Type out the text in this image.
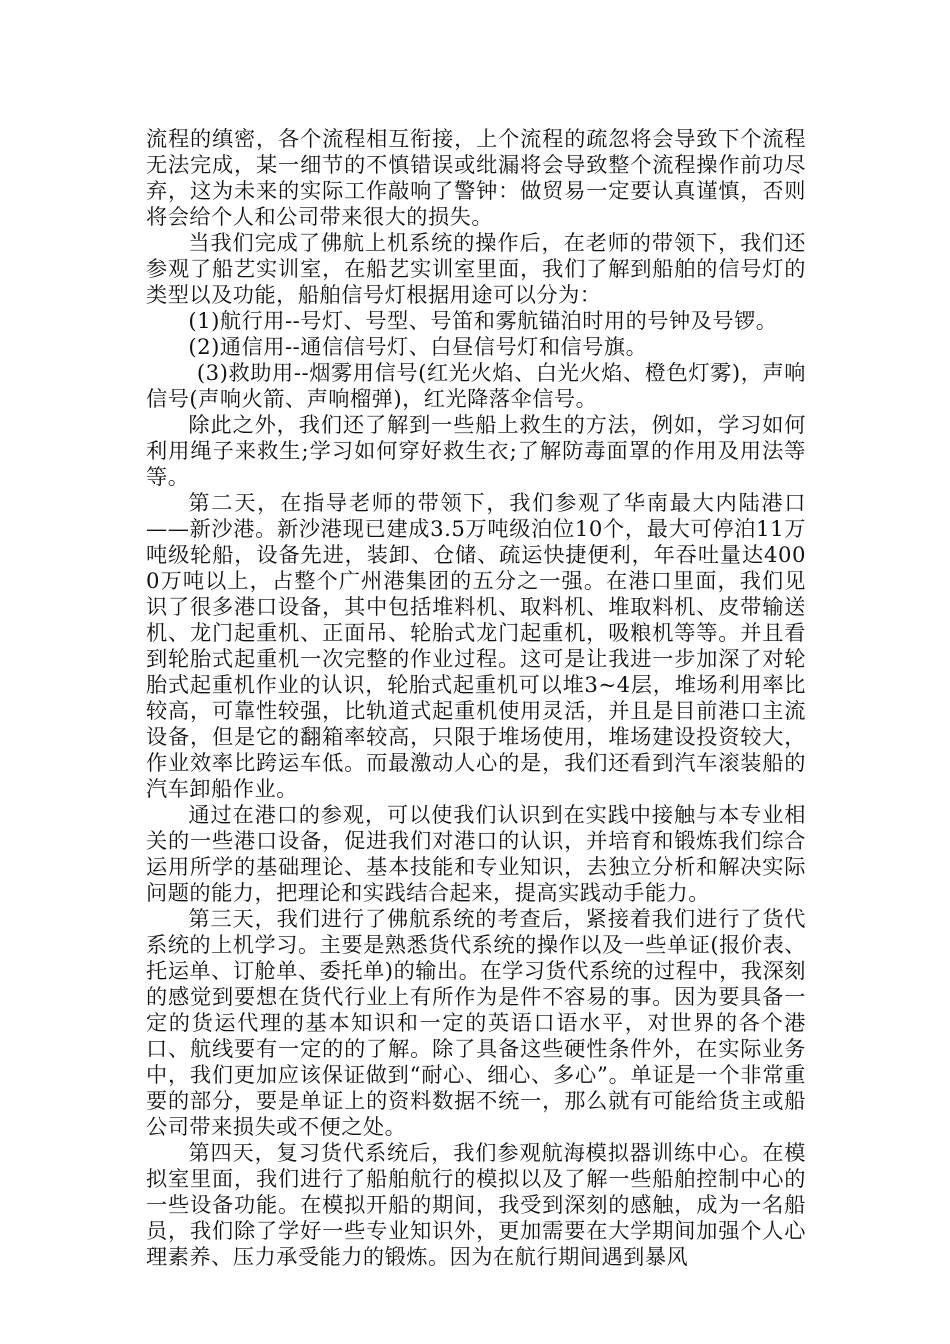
流程的缜密，各个流程相互衔接，上个流程的疏忽将会导致下个流程无法完成，某一细节的不慎错误或纰漏将会导致整个流程操作前功尽弃，这为未来的实际工作敲响了警钟：做贸易一定要认真谨慎，否则将会给个人和公司带来很大的损失。

当我们完成了佛航上机系统的操作后，在老师的带领下，我们还参观了船艺实训室，在船艺实训室里面，我们了解到船舶的信号灯的类型以及功能，船舶信号灯根据用途可以分为：

(1)航行用--号灯、号型、号笛和雾航锚泊时用的号钟及号锣。

(2)通信用--通信信号灯、白昼信号灯和信号旗。

(3)救助用--烟雾用信号(红光火焰、白光火焰、橙色灯雾)，声响信号(声响火箭、声响榴弹)，红光降落伞信号。

除此之外，我们还了解到一些船上救生的方法，例如，学习如何利用绳子来救生;学习如何穿好救生衣;了解防毒面罩的作用及用法等等。

第二天，在指导老师的带领下，我们参观了华南最大内陆港口——新沙港。新沙港现已建成3.5万吨级泊位10个，最大可停泊11万吨级轮船，设备先进，装卸、仓储、疏运快捷便利，年吞吐量达4000万吨以上，占整个广州港集团的五分之一强。在港口里面，我们见识了很多港口设备，其中包括堆料机、取料机、堆取料机、皮带输送机、龙门起重机、正面吊、轮胎式龙门起重机，吸粮机等等。并且看到轮胎式起重机一次完整的作业过程。这可是让我进一步加深了对轮胎式起重机作业的认识，轮胎式起重机可以堆3~4层，堆场利用率比较高，可靠性较强，比轨道式起重机使用灵活，并且是目前港口主流设备，但是它的翻箱率较高，只限于堆场使用，堆场建设投资较大，作业效率比跨运车低。而最激动人心的是，我们还看到汽车滚装船的汽车卸船作业。

通过在港口的参观，可以使我们认识到在实践中接触与本专业相关的一些港口设备，促进我们对港口的认识，并培育和锻炼我们综合运用所学的基础理论、基本技能和专业知识，去独立分析和解决实际问题的能力，把理论和实践结合起来，提高实践动手能力。

第三天，我们进行了佛航系统的考查后，紧接着我们进行了货代系统的上机学习。主要是熟悉货代系统的操作以及一些单证(报价表、托运单、订舱单、委托单)的输出。在学习货代系统的过程中，我深刻的感觉到要想在货代行业上有所作为是件不容易的事。因为要具备一定的货运代理的基本知识和一定的英语口语水平，对世界的各个港口、航线要有一定的的了解。除了具备这些硬性条件外，在实际业务中，我们更加应该保证做到“耐心、细心、多心”。单证是一个非常重要的部分，要是单证上的资料数据不统一，那么就有可能给货主或船公司带来损失或不便之处。

第四天，复习货代系统后，我们参观航海模拟器训练中心。在模拟室里面，我们进行了船舶航行的模拟以及了解一些船舶控制中心的一些设备功能。在模拟开船的期间，我受到深刻的感触，成为一名船员，我们除了学好一些专业知识外，更加需要在大学期间加强个人心理素养、压力承受能力的锻炼。因为在航行期间遇到暴风
